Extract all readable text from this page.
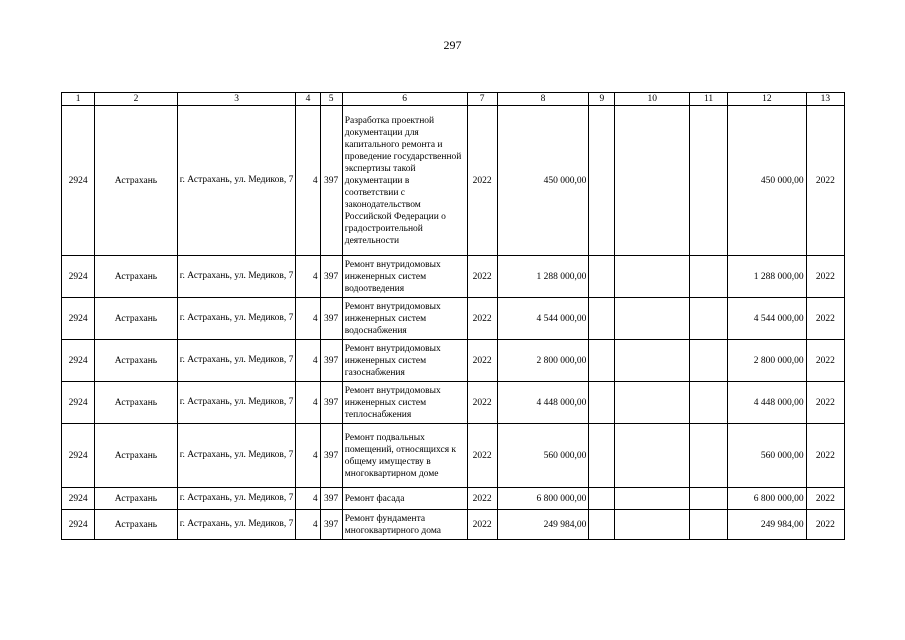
297
1	2	3	4	5	6	7	8	9	10	11	12	13
2924	Астрахань	г. Астрахань, ул. Медиков, 7	4	397	Разработка проектной документации для капитального ремонта и проведение государственной экспертизы такой документации в соответствии с законодательством Российской Федерации о градостроительной деятельности	2022	450 000,00				450 000,00	2022
2924	Астрахань	г. Астрахань, ул. Медиков, 7	4	397	Ремонт внутридомовых инженерных систем водоотведения	2022	1 288 000,00				1 288 000,00	2022
2924	Астрахань	г. Астрахань, ул. Медиков, 7	4	397	Ремонт внутридомовых инженерных систем водоснабжения	2022	4 544 000,00				4 544 000,00	2022
2924	Астрахань	г. Астрахань, ул. Медиков, 7	4	397	Ремонт внутридомовых инженерных систем газоснабжения	2022	2 800 000,00				2 800 000,00	2022
2924	Астрахань	г. Астрахань, ул. Медиков, 7	4	397	Ремонт внутридомовых инженерных систем теплоснабжения	2022	4 448 000,00				4 448 000,00	2022
2924	Астрахань	г. Астрахань, ул. Медиков, 7	4	397	Ремонт подвальных помещений, относящихся к общему имуществу в многоквартирном доме	2022	560 000,00				560 000,00	2022
2924	Астрахань	г. Астрахань, ул. Медиков, 7	4	397	Ремонт фасада	2022	6 800 000,00				6 800 000,00	2022
2924	Астрахань	г. Астрахань, ул. Медиков, 7	4	397	Ремонт фундамента многоквартирного дома	2022	249 984,00				249 984,00	2022
